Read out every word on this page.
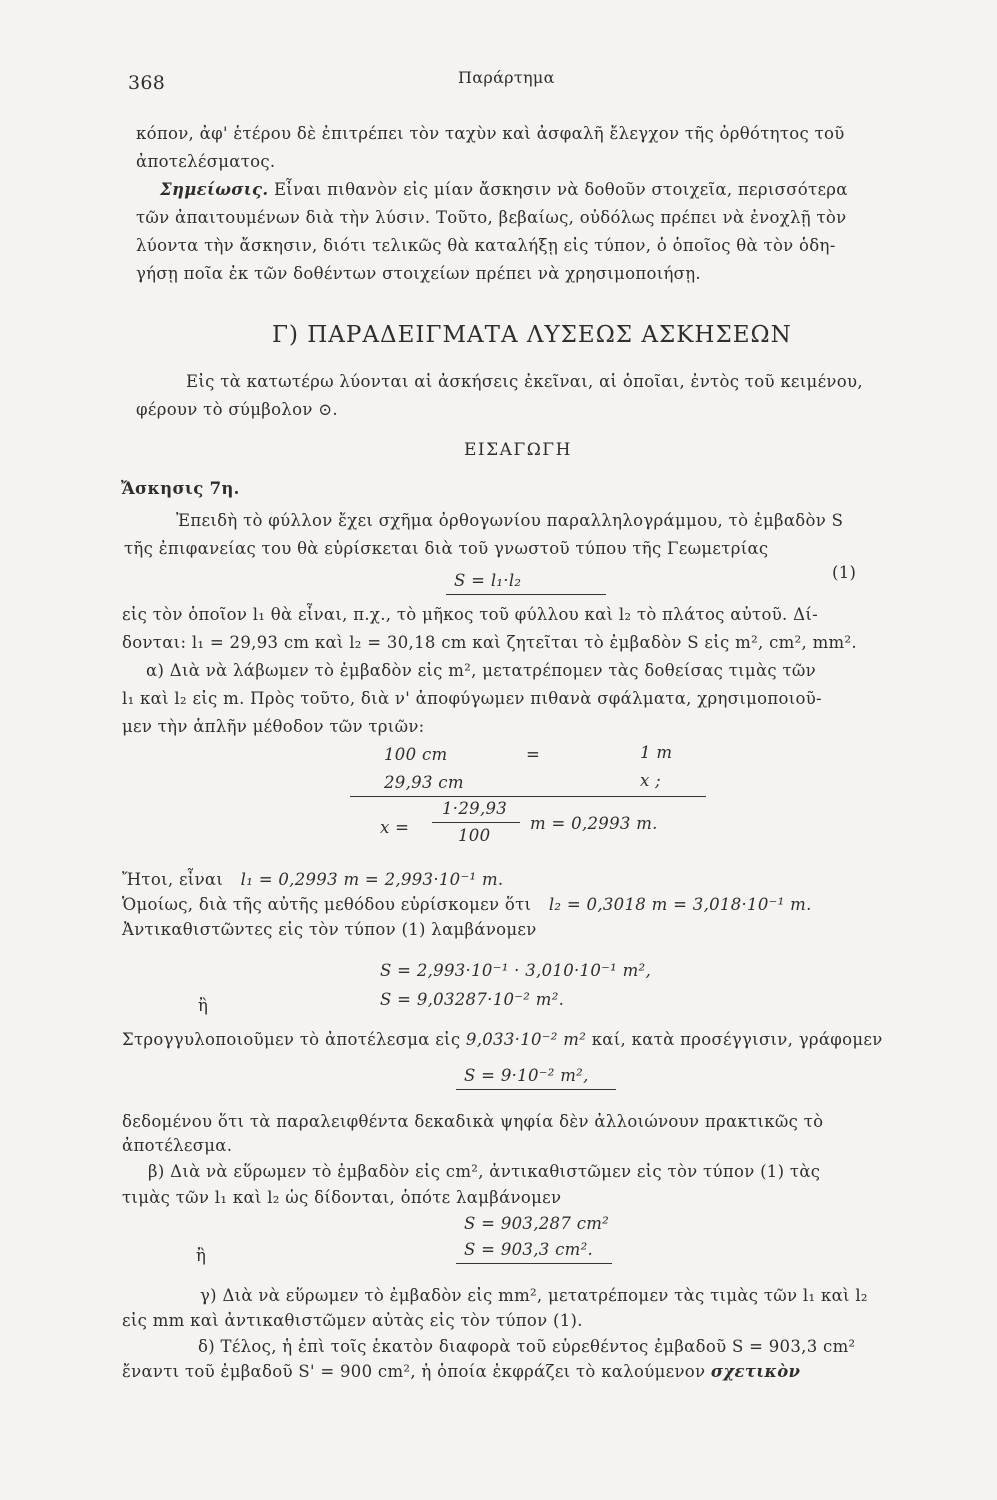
368	Παράρτημα
κόπον, ἀφ' ἑτέρου δὲ ἐπιτρέπει τὸν ταχὺν καὶ ἀσφαλῆ ἔλεγχον τῆς ὀρθότητος τοῦ
ἀποτελέσματος.
Σημείωσις. Εἶναι πιθανὸν εἰς μίαν ἄσκησιν νὰ δοθοῦν στοιχεῖα, περισσότερα
τῶν ἀπαιτουμένων διὰ τὴν λύσιν. Τοῦτο, βεβαίως, οὐδόλως πρέπει νὰ ἐνοχλῇ τὸν
λύοντα τὴν ἄσκησιν, διότι τελικῶς θὰ καταλήξῃ εἰς τύπον, ὁ ὁποῖος θὰ τὸν ὁδη-
γήσῃ ποῖα ἐκ τῶν δοθέντων στοιχείων πρέπει νὰ χρησιμοποιήσῃ.
Γ) ΠΑΡΑΔΕΙΓΜΑΤΑ ΛΥΣΕΩΣ ΑΣΚΗΣΕΩΝ
Εἰς τὰ κατωτέρω λύονται αἱ ἀσκήσεις ἐκεῖναι, αἱ ὁποῖαι, ἐντὸς τοῦ κειμένου,
φέρουν τὸ σύμβολον ⊙.
ΕΙΣΑΓΩΓΗ
Ἄσκησις 7η.
Ἐπειδὴ τὸ φύλλον ἔχει σχῆμα ὀρθογωνίου παραλληλογράμμου, τὸ ἐμβαδὸν S
τῆς ἐπιφανείας του θὰ εὑρίσκεται διὰ τοῦ γνωστοῦ τύπου τῆς Γεωμετρίας
S = l₁·l₂	(1)
εἰς τὸν ὁποῖον l₁ θὰ εἶναι, π.χ., τὸ μῆκος τοῦ φύλλου καὶ l₂ τὸ πλάτος αὐτοῦ. Δί-
δονται: l₁ = 29,93 cm καὶ l₂ = 30,18 cm καὶ ζητεῖται τὸ ἐμβαδὸν S εἰς m², cm², mm².
α) Διὰ νὰ λάβωμεν τὸ ἐμβαδὸν εἰς m², μετατρέπομεν τὰς δοθείσας τιμὰς τῶν
l₁ καὶ l₂ εἰς m. Πρὸς τοῦτο, διὰ ν' ἀποφύγωμεν πιθανὰ σφάλματα, χρησιμοποιοῦ-
μεν τὴν ἁπλῆν μέθοδον τῶν τριῶν:
100 cm	=	1 m
29,93 cm	x ;
x =
1·29,93
100
m = 0,2993 m.
Ἤτοι, εἶναι l₁ = 0,2993 m = 2,993·10⁻¹ m.
Ὁμοίως, διὰ τῆς αὐτῆς μεθόδου εὑρίσκομεν ὅτι l₂ = 0,3018 m = 3,018·10⁻¹ m.
Ἀντικαθιστῶντες εἰς τὸν τύπον (1) λαμβάνομεν
S = 2,993·10⁻¹ · 3,010·10⁻¹ m²,
ἢ	S = 9,03287·10⁻² m².
Στρογγυλοποιοῦμεν τὸ ἀποτέλεσμα εἰς 9,033·10⁻² m² καί, κατὰ προσέγγισιν, γράφομεν
S = 9·10⁻² m²,
δεδομένου ὅτι τὰ παραλειφθέντα δεκαδικὰ ψηφία δὲν ἀλλοιώνουν πρακτικῶς τὸ
ἀποτέλεσμα.
β) Διὰ νὰ εὕρωμεν τὸ ἐμβαδὸν εἰς cm², ἀντικαθιστῶμεν εἰς τὸν τύπον (1) τὰς
τιμὰς τῶν l₁ καὶ l₂ ὡς δίδονται, ὁπότε λαμβάνομεν
S = 903,287 cm²
ἢ	S = 903,3 cm².
γ) Διὰ νὰ εὕρωμεν τὸ ἐμβαδὸν εἰς mm², μετατρέπομεν τὰς τιμὰς τῶν l₁ καὶ l₂
εἰς mm καὶ ἀντικαθιστῶμεν αὐτὰς εἰς τὸν τύπον (1).
δ) Τέλος, ἡ ἐπὶ τοῖς ἑκατὸν διαφορὰ τοῦ εὑρεθέντος ἐμβαδοῦ S = 903,3 cm²
ἔναντι τοῦ ἐμβαδοῦ S' = 900 cm², ἡ ὁποία ἐκφράζει τὸ καλούμενον σχετικὸν
